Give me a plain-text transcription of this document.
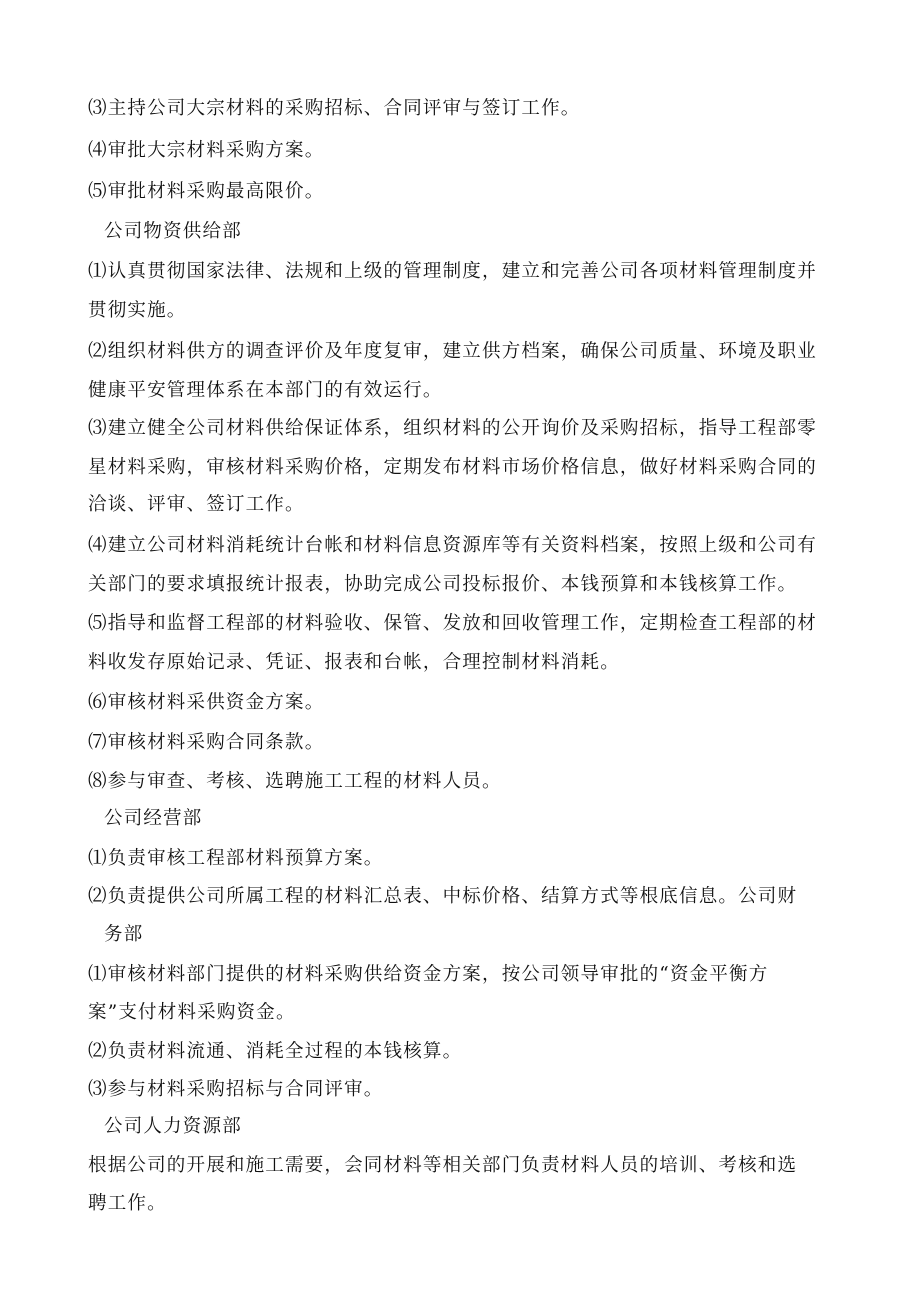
⑶主持公司大宗材料的采购招标、合同评审与签订工作。
⑷审批大宗材料采购方案。
⑸审批材料采购最高限价。
公司物资供给部
⑴认真贯彻国家法律、法规和上级的管理制度，建立和完善公司各项材料管理制度并
贯彻实施。
⑵组织材料供方的调查评价及年度复审，建立供方档案，确保公司质量、环境及职业
健康平安管理体系在本部门的有效运行。
⑶建立健全公司材料供给保证体系，组织材料的公开询价及采购招标，指导工程部零
星材料采购，审核材料采购价格，定期发布材料市场价格信息，做好材料采购合同的
洽谈、评审、签订工作。
⑷建立公司材料消耗统计台帐和材料信息资源库等有关资料档案，按照上级和公司有
关部门的要求填报统计报表，协助完成公司投标报价、本钱预算和本钱核算工作。
⑸指导和监督工程部的材料验收、保管、发放和回收管理工作，定期检查工程部的材
料收发存原始记录、凭证、报表和台帐，合理控制材料消耗。
⑹审核材料采供资金方案。
⑺审核材料采购合同条款。
⑻参与审查、考核、选聘施工工程的材料人员。
公司经营部
⑴负责审核工程部材料预算方案。
⑵负责提供公司所属工程的材料汇总表、中标价格、结算方式等根底信息。公司财
务部
⑴审核材料部门提供的材料采购供给资金方案，按公司领导审批的“资金平衡方
案”支付材料采购资金。
⑵负责材料流通、消耗全过程的本钱核算。
⑶参与材料采购招标与合同评审。
公司人力资源部
根据公司的开展和施工需要，会同材料等相关部门负责材料人员的培训、考核和选
聘工作。
